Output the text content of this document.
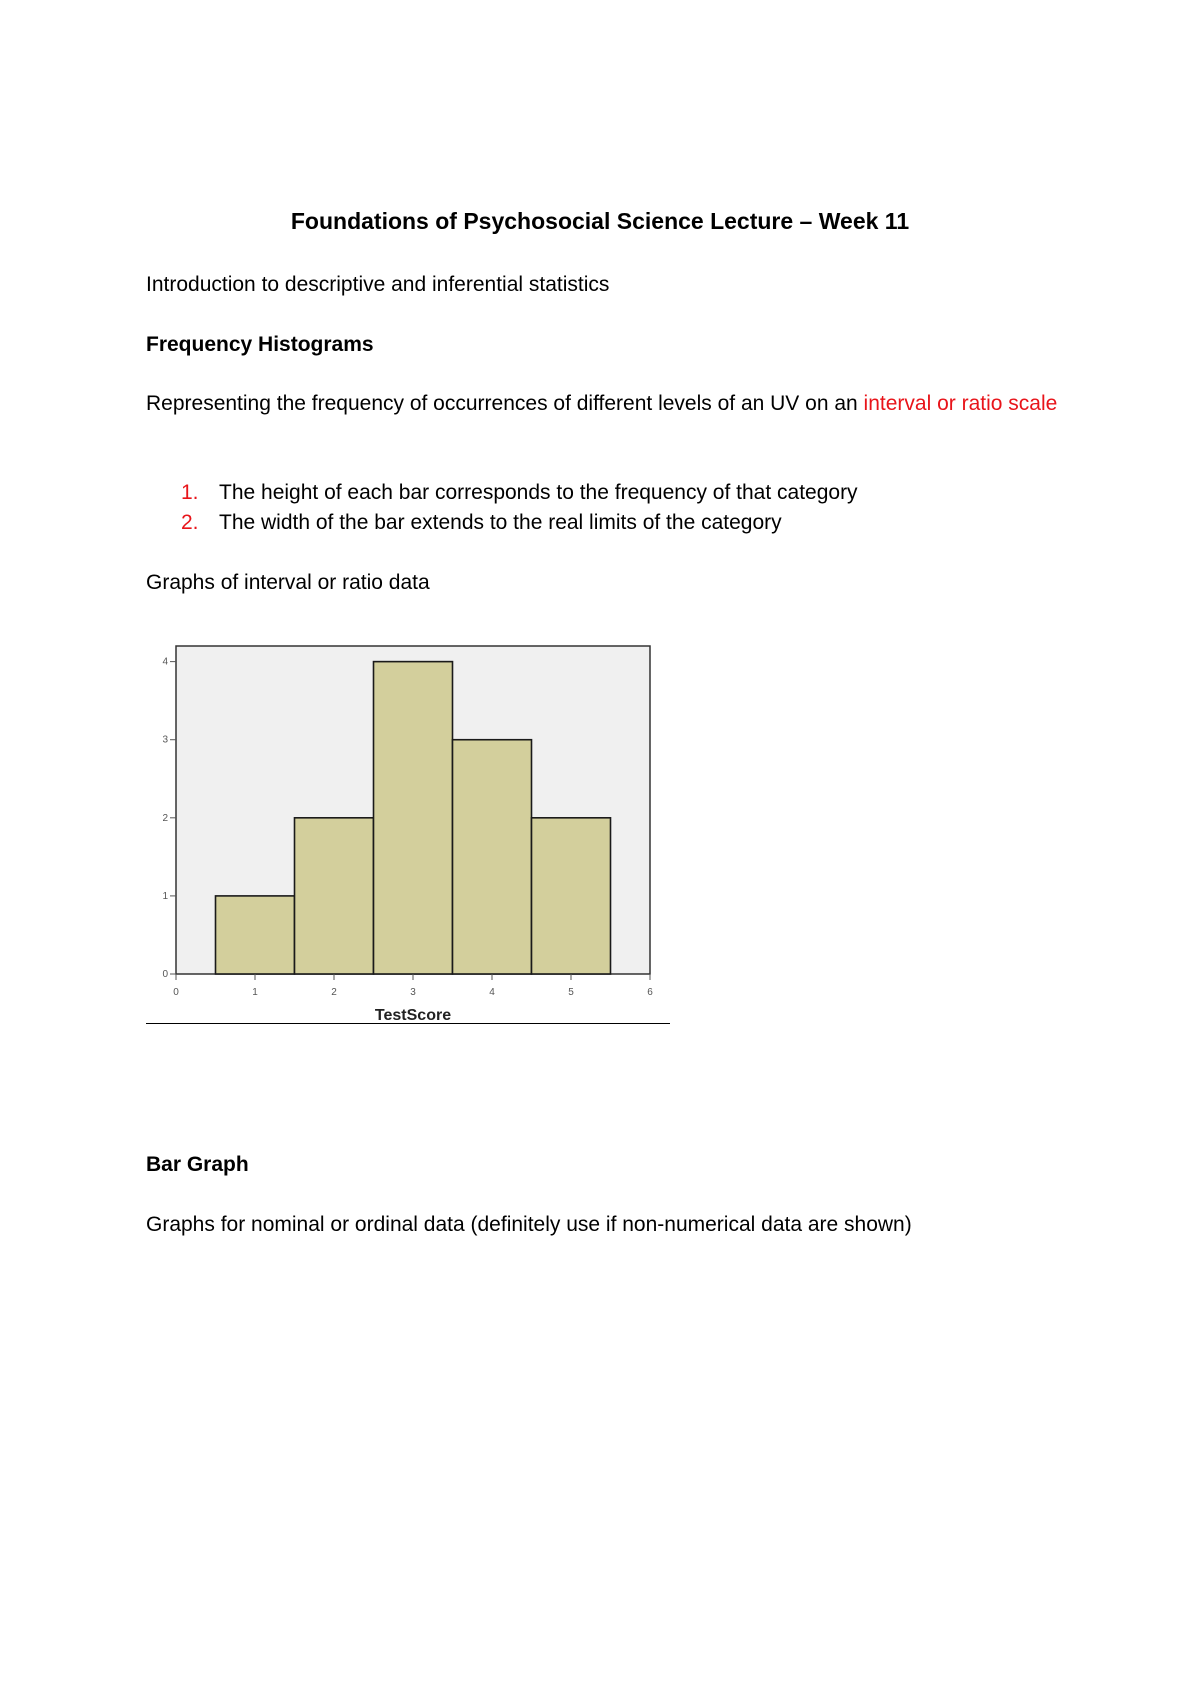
Foundations of Psychosocial Science Lecture – Week 11

Introduction to descriptive and inferential statistics

Frequency Histograms

Representing the frequency of occurrences of different levels of an UV on an interval or ratio scale

1. The height of each bar corresponds to the frequency of that category

2. The width of the bar extends to the real limits of the category

Graphs of interval or ratio data

0
1
2
3
4
0	1	2	3	4	5	6
TestScore

Bar Graph

Graphs for nominal or ordinal data (definitely use if non-numerical data are shown)
